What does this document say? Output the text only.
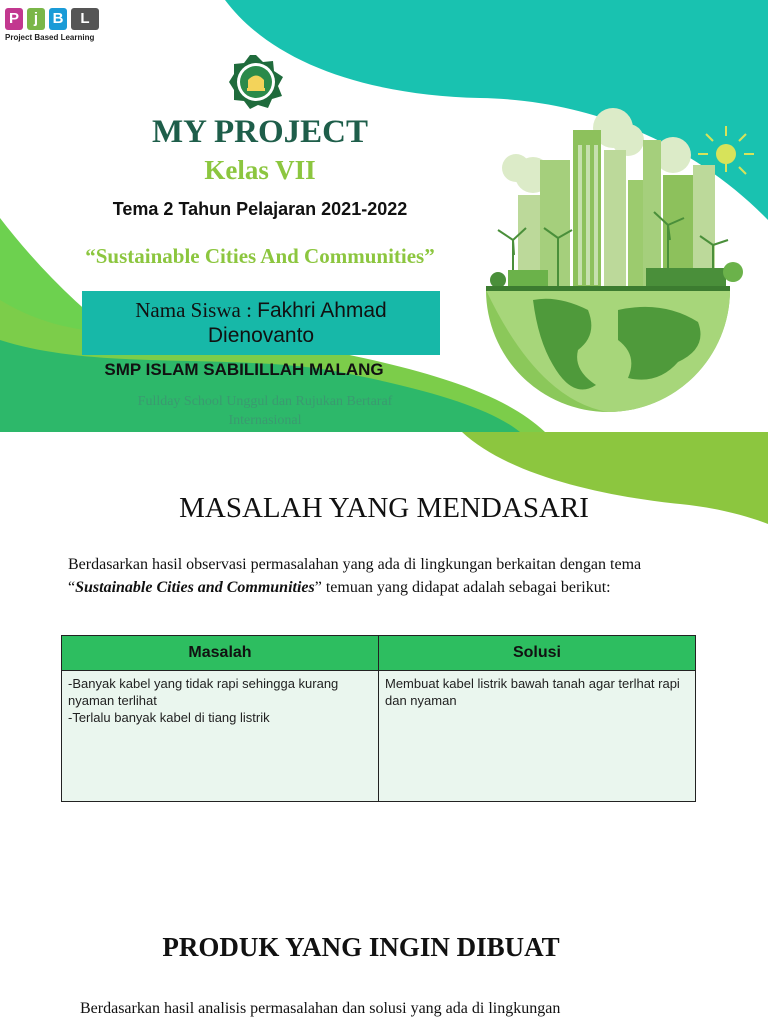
P j B	L
Project Based Learning
MY PROJECT
Kelas VII
Tema 2 Tahun Pelajaran 2021-2022
“Sustainable Cities And Communities”
Nama Siswa : Fakhri Ahmad Dienovanto
SMP ISLAM SABILILLAH MALANG
Fullday School Unggul dan Rujukan Bertaraf Internasional
MASALAH YANG MENDASARI
Berdasarkan hasil observasi permasalahan yang ada di lingkungan berkaitan dengan tema “Sustainable Cities and Communities” temuan yang didapat adalah sebagai berikut:
Masalah	Solusi

-Banyak kabel yang tidak rapi sehingga kurang nyaman terlihat
-Terlalu banyak kabel di tiang listrik	Membuat kabel listrik bawah tanah agar terlhat rapi dan nyaman
PRODUK YANG INGIN DIBUAT
Berdasarkan hasil analisis permasalahan dan solusi yang ada di lingkungan
